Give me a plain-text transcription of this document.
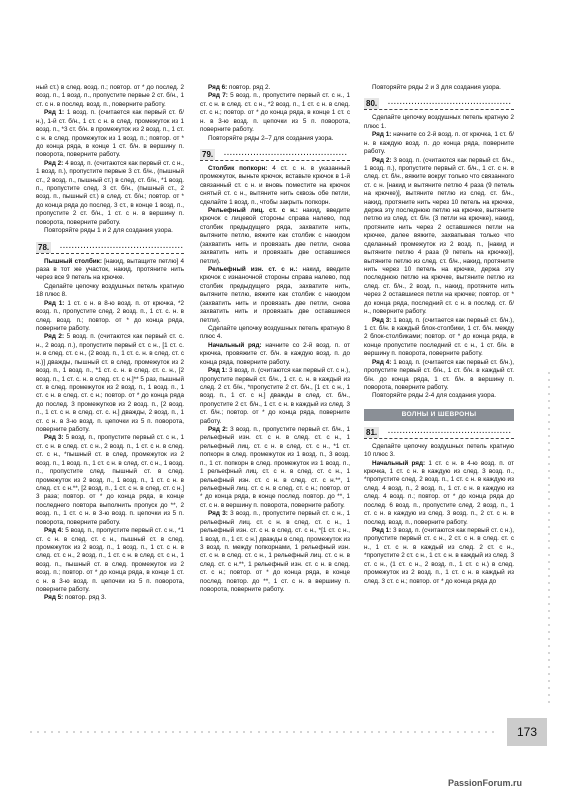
ный ст.) в след. возд. п.; повтор. от * до послед. 2 возд. п., 1 возд. п., пропустите первые 2 ст. б/н., 1 ст. с н. в послед. возд. п., поверните работу.

Ряд 1: 1 возд. п. (считается как первый ст. б/н.), 1-й ст. б/н., 1 ст. с н. в след. промежуток из 1 возд. п., *3 ст. б/н. в промежуток из 2 возд. п., 1 ст. с н. в след. промежуток из 1 возд. п.; повтор. от * до конца ряда, в конце 1 ст. б/н. в вершину п. поворота, поверните работу.

Ряд 2: 4 возд. п. (считаются как первый ст. с н., 1 возд. п.), пропустите первые 3 ст. б/н., (пышный ст., 2 возд. п., пышный ст.) в след. ст. б/н., *1 возд. п., пропустите след. 3 ст. б/н., (пышный ст., 2 возд. п., пышный ст.) в след. ст. б/н.; повтор. от * до конца ряда до послед. 3 ст., в конце 1 возд. п., пропустите 2 ст. б/н., 1 ст. с н. в вершину п. поворота, поверните работу.

Повторяйте ряды 1 и 2 для создания узора.

78. ..........................................

Пышный столбик: [накид, вытащите петлю] 4 раза в тот же участок, накид, протяните нить через все 9 петель на крючке.

Сделайте цепочку воздушных петель кратную 18 плюс 8.

Ряд 1: 1 ст. с н. в 8-ю возд. п. от крючка, *2 возд. п., пропустите след. 2 возд. п., 1 ст. с. н. в след. возд. п.; повтор. от * до конца ряда, поверните работу.

Ряд 2: 5 возд. п. (считаются как первый ст. с. н., 2 возд. п.), пропустите первый ст. с н., [1 ст. с. н. в след. ст. с н., (2 возд. п., 1 ст. с. н. в след. ст. с н.)] дважды, пышный ст. в след. промежуток из 2 возд. п., 1 возд. п., *1 ст. с. н. в след. ст. с. н., [2 возд. п., 1 ст. с. н. в след. ст. с н.]** 5 раз, пышный ст. в след. промежуток из 2 возд. п., 1 возд. п., 1 ст. с н. в след. ст. с н.; повтор. от * до конца ряда до послед. 3 промежутков из 2 возд. п., [2 возд. п., 1 ст. с н. в след. ст. с. н.] дважды, 2 возд. п., 1 ст. с н. в 3-ю возд. п. цепочки из 5 п. поворота, поверните работу.

Ряд 3: 5 возд. п., пропустите первый ст. с н., 1 ст. с н. в след. ст. с н., 2 возд. п., 1 ст. с н. в след. ст. с н., *пышный ст. в след. промежуток из 2 возд. п., 1 возд. п., 1 ст. с н. в след. ст. с н., 1 возд. п., пропустите след. пышный ст. в след. промежуток из 2 возд. п., 1 возд. п., 1 ст. с н. в след. ст. с н.**, [2 возд. п., 1 ст. с н. в след. ст. с н.] 3 раза; повтор. от * до конца ряда, в конце последнего повтора выполнить пропуск до **, 2 возд. п., 1 ст. с н. в 3-ю возд. п. цепочки из 5 п. поворота, поверните работу.

Ряд 4: 5 возд. п., пропустите первый ст. с н., *1 ст. с н. в след. ст. с н., пышный ст. в след. промежуток из 2 возд. п., 1 возд. п., 1 ст. с н. в след. ст. с н., 2 возд. п., 1 ст. с н. в след. ст. с н., 1 возд. п., пышный ст. в след. промежуток из 2 возд. п.; повтор. от * до конца ряда, в конце 1 ст. с н. в 3-ю возд. п. цепочки из 5 п. поворота, поверните работу.

Ряд 5: повтор. ряд 3.

Ряд 6: повтор. ряд 2.

Ряд 7: 5 возд. п., пропустите первый ст. с н., 1 ст. с н. в след. ст. с н., *2 возд. п., 1 ст. с н. в след. ст. с н.; повтор. от * до конца ряда, в конце 1 ст. с н. в 3-ю возд. п. цепочки из 5 п. поворота, поверните работу.

Повторяйте ряды 2–7 для создания узора.

79. ..........................................

Столбик попкорн: 4 ст. с н. в указанный промежуток, выньте крючок, вставьте крючок в 1-й связанный ст. с н. и вновь поместите на крючок снятый ст. с н., вытяните нить сквозь обе петли, сделайте 1 возд. п., чтобы закрыть попкорн.

Рельефный лиц. ст. с н.: накид, введите крючок с лицевой стороны справа налево, под столбик предыдущего ряда, захватите нить, вытяните петлю, вяжите как столбик с накидом (захватить нить и провязать две петли, снова захватить нить и провязать две оставшиеся петли).

Рельефный изн. ст. с н.: накид, введите крючок с изнаночной стороны справа налево, под столбик предыдущего ряда, захватите нить, вытяните петлю, вяжите как столбик с накидом (захватить нить и провязать две петли, снова захватить нить и провязать две оставшиеся петли).

Сделайте цепочку воздушных петель кратную 8 плюс 4.

Начальный ряд: начните со 2-й возд. п. от крючка, провяжите ст. б/н. в каждую возд. п. до конца ряда, поверните работу.

Ряд 1: 3 возд. п. (считаются как первый ст. с н.), пропустите первый ст. б/н., 1 ст. с. н. в каждый из след. 2 ст. б/н., *пропустите 2 ст. б/н., [1 ст. с н., 1 возд. п., 1 ст. с н.] дважды в след. ст. б/н., пропустите 2 ст. б/н., 1 ст. с н. в каждый из след. 3 ст. б/н.; повтор. от * до конца ряда, поверните работу.

Ряд 2: 3 возд. п., пропустите первый ст. б/н., 1 рельефный изн. ст. с н. в след. ст. с н., 1 рельефный лиц. ст. с н. в след. ст. с н., *1 ст. попкорн в след. промежуток из 1 возд. п., 3 возд. п., 1 ст. попкорн в след. промежуток из 1 возд. п., 1 рельефный лиц. ст. с н. в след. ст. с н., 1 рельефный изн. ст. с н. в след. ст. с н.**, 1 рельефный лиц. ст. с н. в след. ст. с н.; повтор. от * до конца ряда, в конце послед. повтор. до **, 1 ст. с н. в вершину п. поворота, поверните работу.

Ряд 3: 3 возд. п., пропустите первый ст. с н., 1 рельефный лиц. ст. с н. в след. ст. с н., 1 рельефный изн. ст. с н. в след. ст. с н., *[1 ст. с н., 1 возд. п., 1 ст. с н.] дважды в след. промежуток из 3 возд. п. между попкорнами, 1 рельефный изн. ст. с н. в след. ст. с н., 1 рельефный лиц. ст. с н. в след. ст. с н.**, 1 рельефный изн. ст. с н. в след. ст. с н.; повтор. от * до конца ряда, в конце послед. повтор. до **, 1 ст. с н. в вершину п. поворота, поверните работу.

Повторяйте ряды 2 и 3 для создания узора.

80. ..........................................

Сделайте цепочку воздушных петель кратную 2 плюс 1.

Ряд 1: начните со 2-й возд. п. от крючка, 1 ст. б/н. в каждую возд. п. до конца ряда, поверните работу.

Ряд 2: 3 возд. п. (считаются как первый ст. б/н., 1 возд. п.), пропустите первый ст. б/н., 1 ст. с н. в след. ст. б/н., вяжите вокруг только что связанного ст. с н. [накид и вытяните петлю 4 раза (9 петель на крючке)], вытяните петлю из след. ст. б/н., накид, протяните нить через 10 петель на крючке, держа эту последнюю петлю на крючке, вытяните петлю из след. ст. б/н. (3 петли на крючке), накид, протяните нить через 2 оставшиеся петли на крючке, далее вяжите, захватывая только что сделанный промежуток из 2 возд. п., [накид и вытяните петлю 4 раза (9 петель на крючке)], вытяните петлю из след. ст. б/н., накид, протяните нить через 10 петель на крючке, держа эту последнюю петлю на крючке, вытяните петлю из след. ст. б/н., 2 возд. п., накид, протяните нить через 2 оставшиеся петли на крючке; повтор. от * до конца ряда, последний ст. с н. в послед. ст. б/н., поверните работу.

Ряд 3: 1 возд. п. (считается как первый ст. б/н.), 1 ст. б/н. в каждый блок-столбики, 1 ст. б/н. между 2 блок-столбиками; повтор. от * до конца ряда, в конце пропустите последний ст. с н., 1 ст. б/н. в вершину п. поворота, поверните работу.

Ряд 4: 1 возд. п. (считается как первый ст. б/н.), пропустите первый ст. б/н., 1 ст. б/н. в каждый ст. б/н. до конца ряда, 1 ст. б/н. в вершину п. поворота, поверните работу.

Повторяйте ряды 2-4 для создания узора.

ВОЛНЫ И ШЕВРОНЫ
81. ..........................................

Сделайте цепочку воздушных петель кратную 10 плюс 3.

Начальный ряд: 1 ст. с н. в 4-ю возд. п. от крючка, 1 ст. с н. в каждую из след. 3 возд. п., *пропустите след. 2 возд. п., 1 ст. с н. в каждую из след. 4 возд. п., 2 возд. п., 1 ст. с н. в каждую из след. 4 возд. п.; повтор. от * до конца ряда до послед. 6 возд. п., пропустите след. 2 возд. п., 1 ст. с н. в каждую из след. 3 возд. п., 2 ст. с н. в послед. возд. п., поверните работу.

Ряд 1: 3 возд. п. (считаются как первый ст. с н.), пропустите первый ст. с н., 2 ст. с н. в след. ст. с н., 1 ст. с н. в каждый из след. 2 ст. с н., *пропустите 2 ст. с н., 1 ст. с н. в каждый из след. 3 ст. с н., (1 ст. с н., 2 возд. п., 1 ст. с н.) в след. промежуток из 2 возд. п., 1 ст. с н. в каждый из след. 3 ст. с н.; повтор. от * до конца ряда до

173
PassionForum.ru
